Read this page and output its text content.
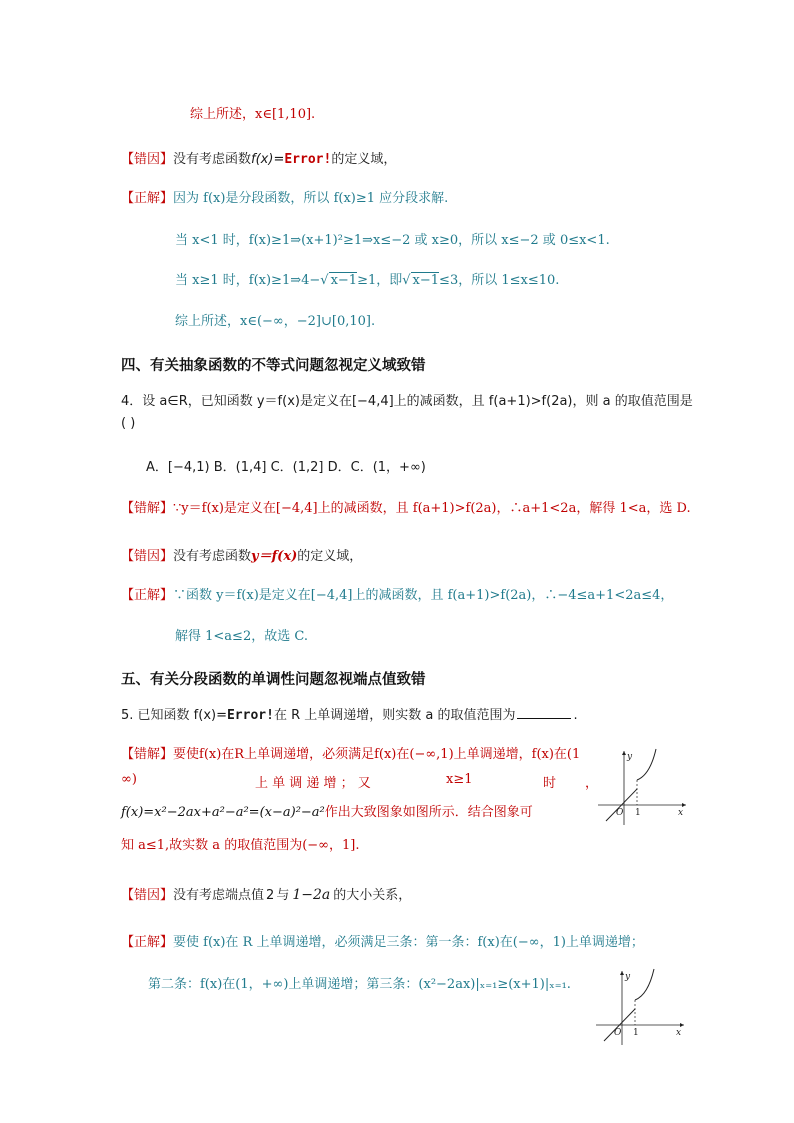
综上所述，x∈[1,10].
【错因】没有考虑函数f(x)=Error!的定义域，
【正解】因为 f(x)是分段函数，所以 f(x)≥1 应分段求解.
当 x<1 时，f(x)≥1⇒(x+1)²≥1⇒x≤−2 或 x≥0，所以 x≤−2 或 0≤x<1.
当 x≥1 时，f(x)≥1⇒4−√ x−1≥1，即√ x−1≤3，所以 1≤x≤10.
综上所述，x∈(−∞，−2]∪[0,10].
四、有关抽象函数的不等式问题忽视定义域致错
4．设 a∈R，已知函数 y＝f(x)是定义在[−4,4]上的减函数，且 f(a+1)>f(2a)，则 a 的取值范围是
( )
A．[−4,1) B．(1,4] C．(1,2] D．C．(1，+∞)
【错解】∵y＝f(x)是定义在[−4,4]上的减函数，且 f(a+1)>f(2a)，∴a+1<2a，解得 1<a，选 D.
【错因】没有考虑函数y＝f(x)的定义域，
【正解】∵函数 y＝f(x)是定义在[−4,4]上的减函数，且 f(a+1)>f(2a)，∴−4≤a+1<2a≤4，
解得 1<a≤2，故选 C.
五、有关分段函数的单调性问题忽视端点值致错
5. 已知函数 f(x)=Error!在 R 上单调递增，则实数 a 的取值范围为	.
【错解】要使f(x)在R上单调递增，必须满足f(x)在(−∞,1)上单调递增，f(x)在(1
∞)	上 单 调 递 增 ； 又	x≥1	时 ，
f(x)=x²−2ax+a²−a²=(x−a)²−a²作出大致图象如图所示．结合图象可
知 a≤1,故实数 a 的取值范围为(−∞，1].
y
x
O 1
【错因】没有考虑端点值 2 与 1−2a 的大小关系，
【正解】要使 f(x)在 R 上单调递增，必须满足三条：第一条：f(x)在(−∞，1)上单调递增；
第二条：f(x)在(1，+∞)上单调递增；第三条：(x²−2ax)|ₓ₌₁≥(x+1)|ₓ₌₁.	y
x
O 1
